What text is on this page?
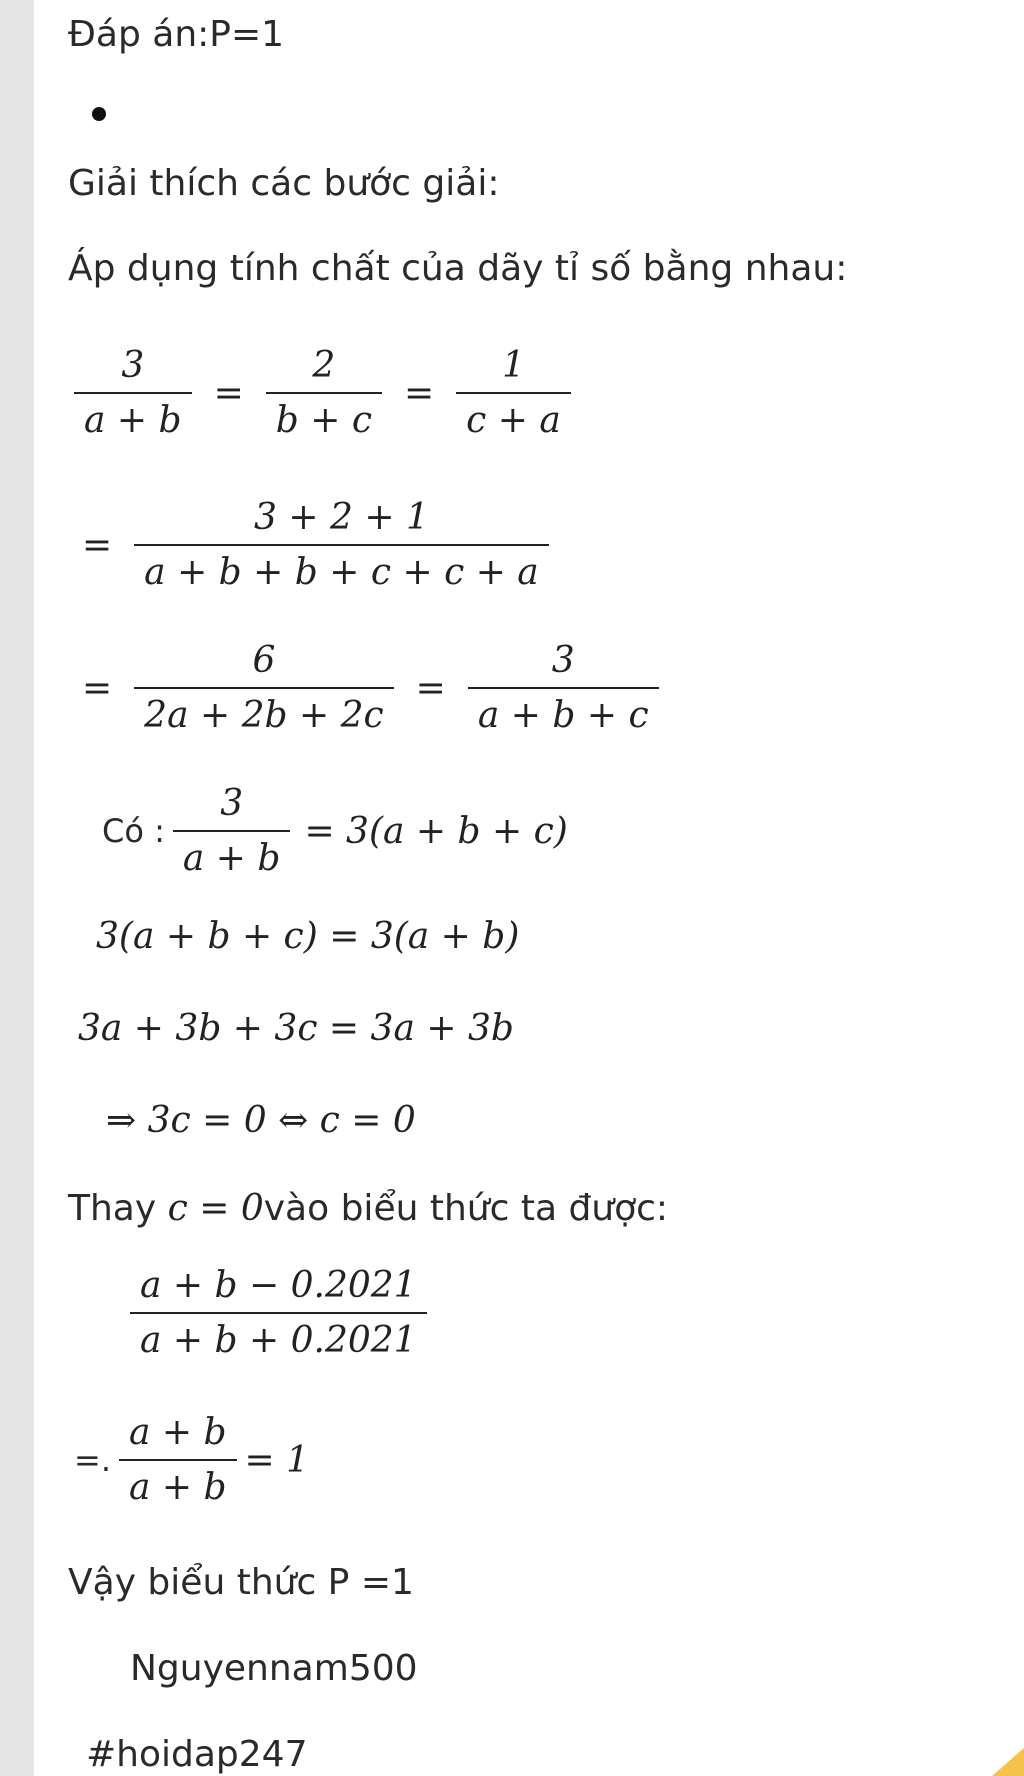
Đáp án:P=1
Giải thích các bước giải:
Áp dụng tính chất của dãy tỉ số bằng nhau:
$\frac{3}{a + b} = \frac{2}{b + c} = \frac{1}{c + a}$
= $\frac{3 + 2 + 1}{a + b + b + c + c + a}$
= $\frac{6}{2a + 2b + 2c} = \frac{3}{a + b + c}$
Có : $\frac{3}{a + b} = 3(a + b + c)$
3(a + b + c) = 3(a + b)
3a + 3b + 3c = 3a + 3b
⇒ 3c = 0 ⇔ c = 0
Thay c = 0vào biểu thức ta được:
$\frac{a + b - 0.2021}{a + b + 0.2021}$
=. $\frac{a + b}{a + b} = 1$
Vậy biểu thức P =1
Nguyennam500
#hoidap247
